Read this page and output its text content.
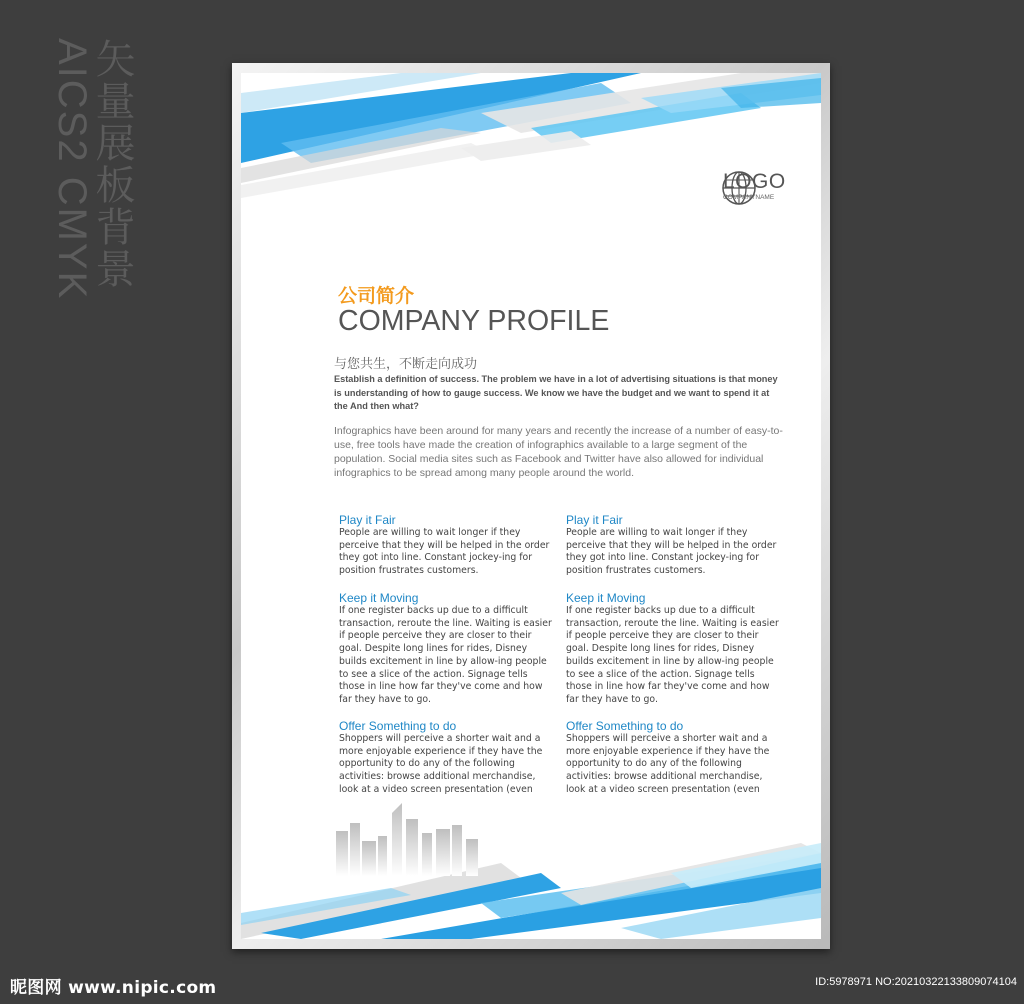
矢量展板背景
AICS2 CMYK	LOGO
COMPANYNAME
公司简介
COMPANY PROFILE
与您共生，不断走向成功
Establish a definition of success. The problem we have in a lot of advertising situations is that money is understanding of how to gauge success. We know we have the budget and we want to spend it at the And then what?
Infographics have been around for many years and recently the increase of a number of easy-to-use, free tools have made the creation of infographics available to a large segment of the population. Social media sites such as Facebook and Twitter have also allowed for individual infographics to be spread among many people around the world.
Play it Fair

People are willing to wait longer if they perceive that they will be helped in the order they got into line. Constant jockey-ing for position frustrates customers.

Keep it Moving

If one register backs up due to a difficult transaction, reroute the line. Waiting is easier if people perceive they are closer to their goal. Despite long lines for rides, Disney builds excitement in line by allow-ing people to see a slice of the action. Signage tells those in line how far they've come and how far they have to go.

Offer Something to do

Shoppers will perceive a shorter wait and a more enjoyable experience if they have the opportunity to do any of the following activities: browse additional merchandise, look at a video screen presentation (even

Play it Fair

People are willing to wait longer if they perceive that they will be helped in the order they got into line. Constant jockey-ing for position frustrates customers.

Keep it Moving

If one register backs up due to a difficult transaction, reroute the line. Waiting is easier if people perceive they are closer to their goal. Despite long lines for rides, Disney builds excitement in line by allow-ing people to see a slice of the action. Signage tells those in line how far they've come and how far they have to go.

Offer Something to do

Shoppers will perceive a shorter wait and a more enjoyable experience if they have the opportunity to do any of the following activities: browse additional merchandise, look at a video screen presentation (even

昵图网 www.nipic.com	ID:5978971 NO:20210322133809074104
